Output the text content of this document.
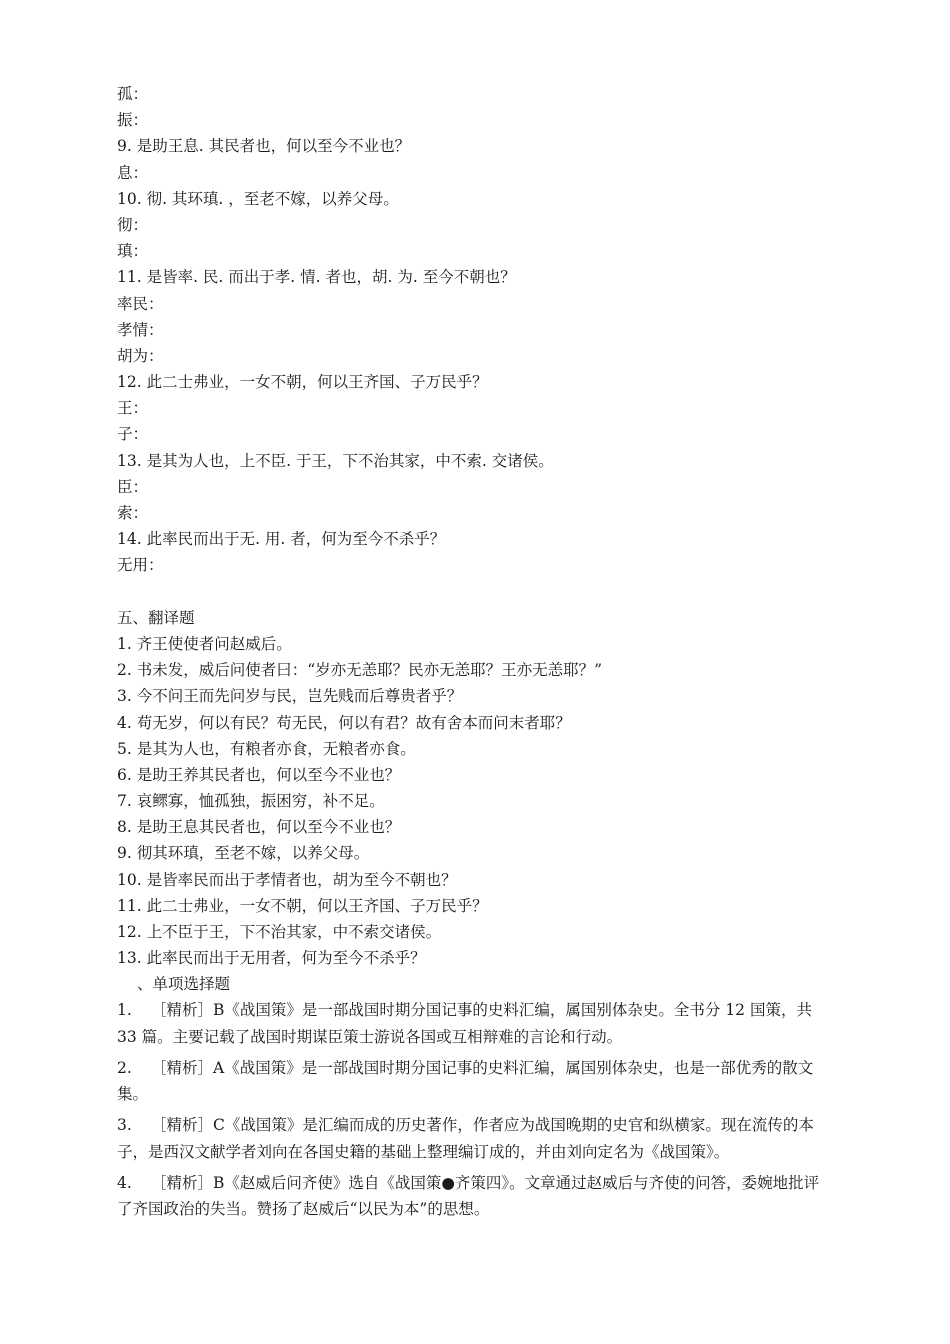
孤：
振：
9. 是助王息. 其民者也，何以至今不业也？
息：
10. 彻. 其环瑱. ，至老不嫁，以养父母。
彻：
瑱：
11. 是皆率. 民. 而出于孝. 情. 者也，胡. 为. 至今不朝也？
率民：
孝情：
胡为：
12. 此二士弗业，一女不朝，何以王齐国、子万民乎？
王：
子：
13. 是其为人也，上不臣. 于王，下不治其家，中不索. 交诸侯。
臣：
索：
14. 此率民而出于无. 用. 者，何为至今不杀乎？
无用：
五、翻译题
1. 齐王使使者问赵威后。
2. 书未发，威后问使者曰：“岁亦无恙耶？民亦无恙耶？王亦无恙耶？”
3. 今不问王而先问岁与民，岂先贱而后尊贵者乎？
4. 苟无岁，何以有民？苟无民，何以有君？故有舍本而问末者耶？
5. 是其为人也，有粮者亦食，无粮者亦食。
6. 是助王养其民者也，何以至今不业也？
7. 哀鳏寡，恤孤独，振困穷，补不足。
8. 是助王息其民者也，何以至今不业也？
9. 彻其环瑱，至老不嫁，以养父母。
10. 是皆率民而出于孝情者也，胡为至今不朝也？
11. 此二士弗业，一女不朝，何以王齐国、子万民乎？
12. 上不臣于王，下不治其家，中不索交诸侯。
13. 此率民而出于无用者，何为至今不杀乎？
、单项选择题
1. ［精析］B《战国策》是一部战国时期分国记事的史料汇编，属国别体杂史。全书分 12 国策，共 33 篇。主要记载了战国时期谋臣策士游说各国或互相辩难的言论和行动。
2. ［精析］A《战国策》是一部战国时期分国记事的史料汇编，属国别体杂史，也是一部优秀的散文集。
3. ［精析］C《战国策》是汇编而成的历史著作，作者应为战国晚期的史官和纵横家。现在流传的本子，是西汉文献学者刘向在各国史籍的基础上整理编订成的，并由刘向定名为《战国策》。
4. ［精析］B《赵威后问齐使》选自《战国策●齐策四》。文章通过赵威后与齐使的问答，委婉地批评了齐国政治的失当。赞扬了赵威后“以民为本”的思想。
